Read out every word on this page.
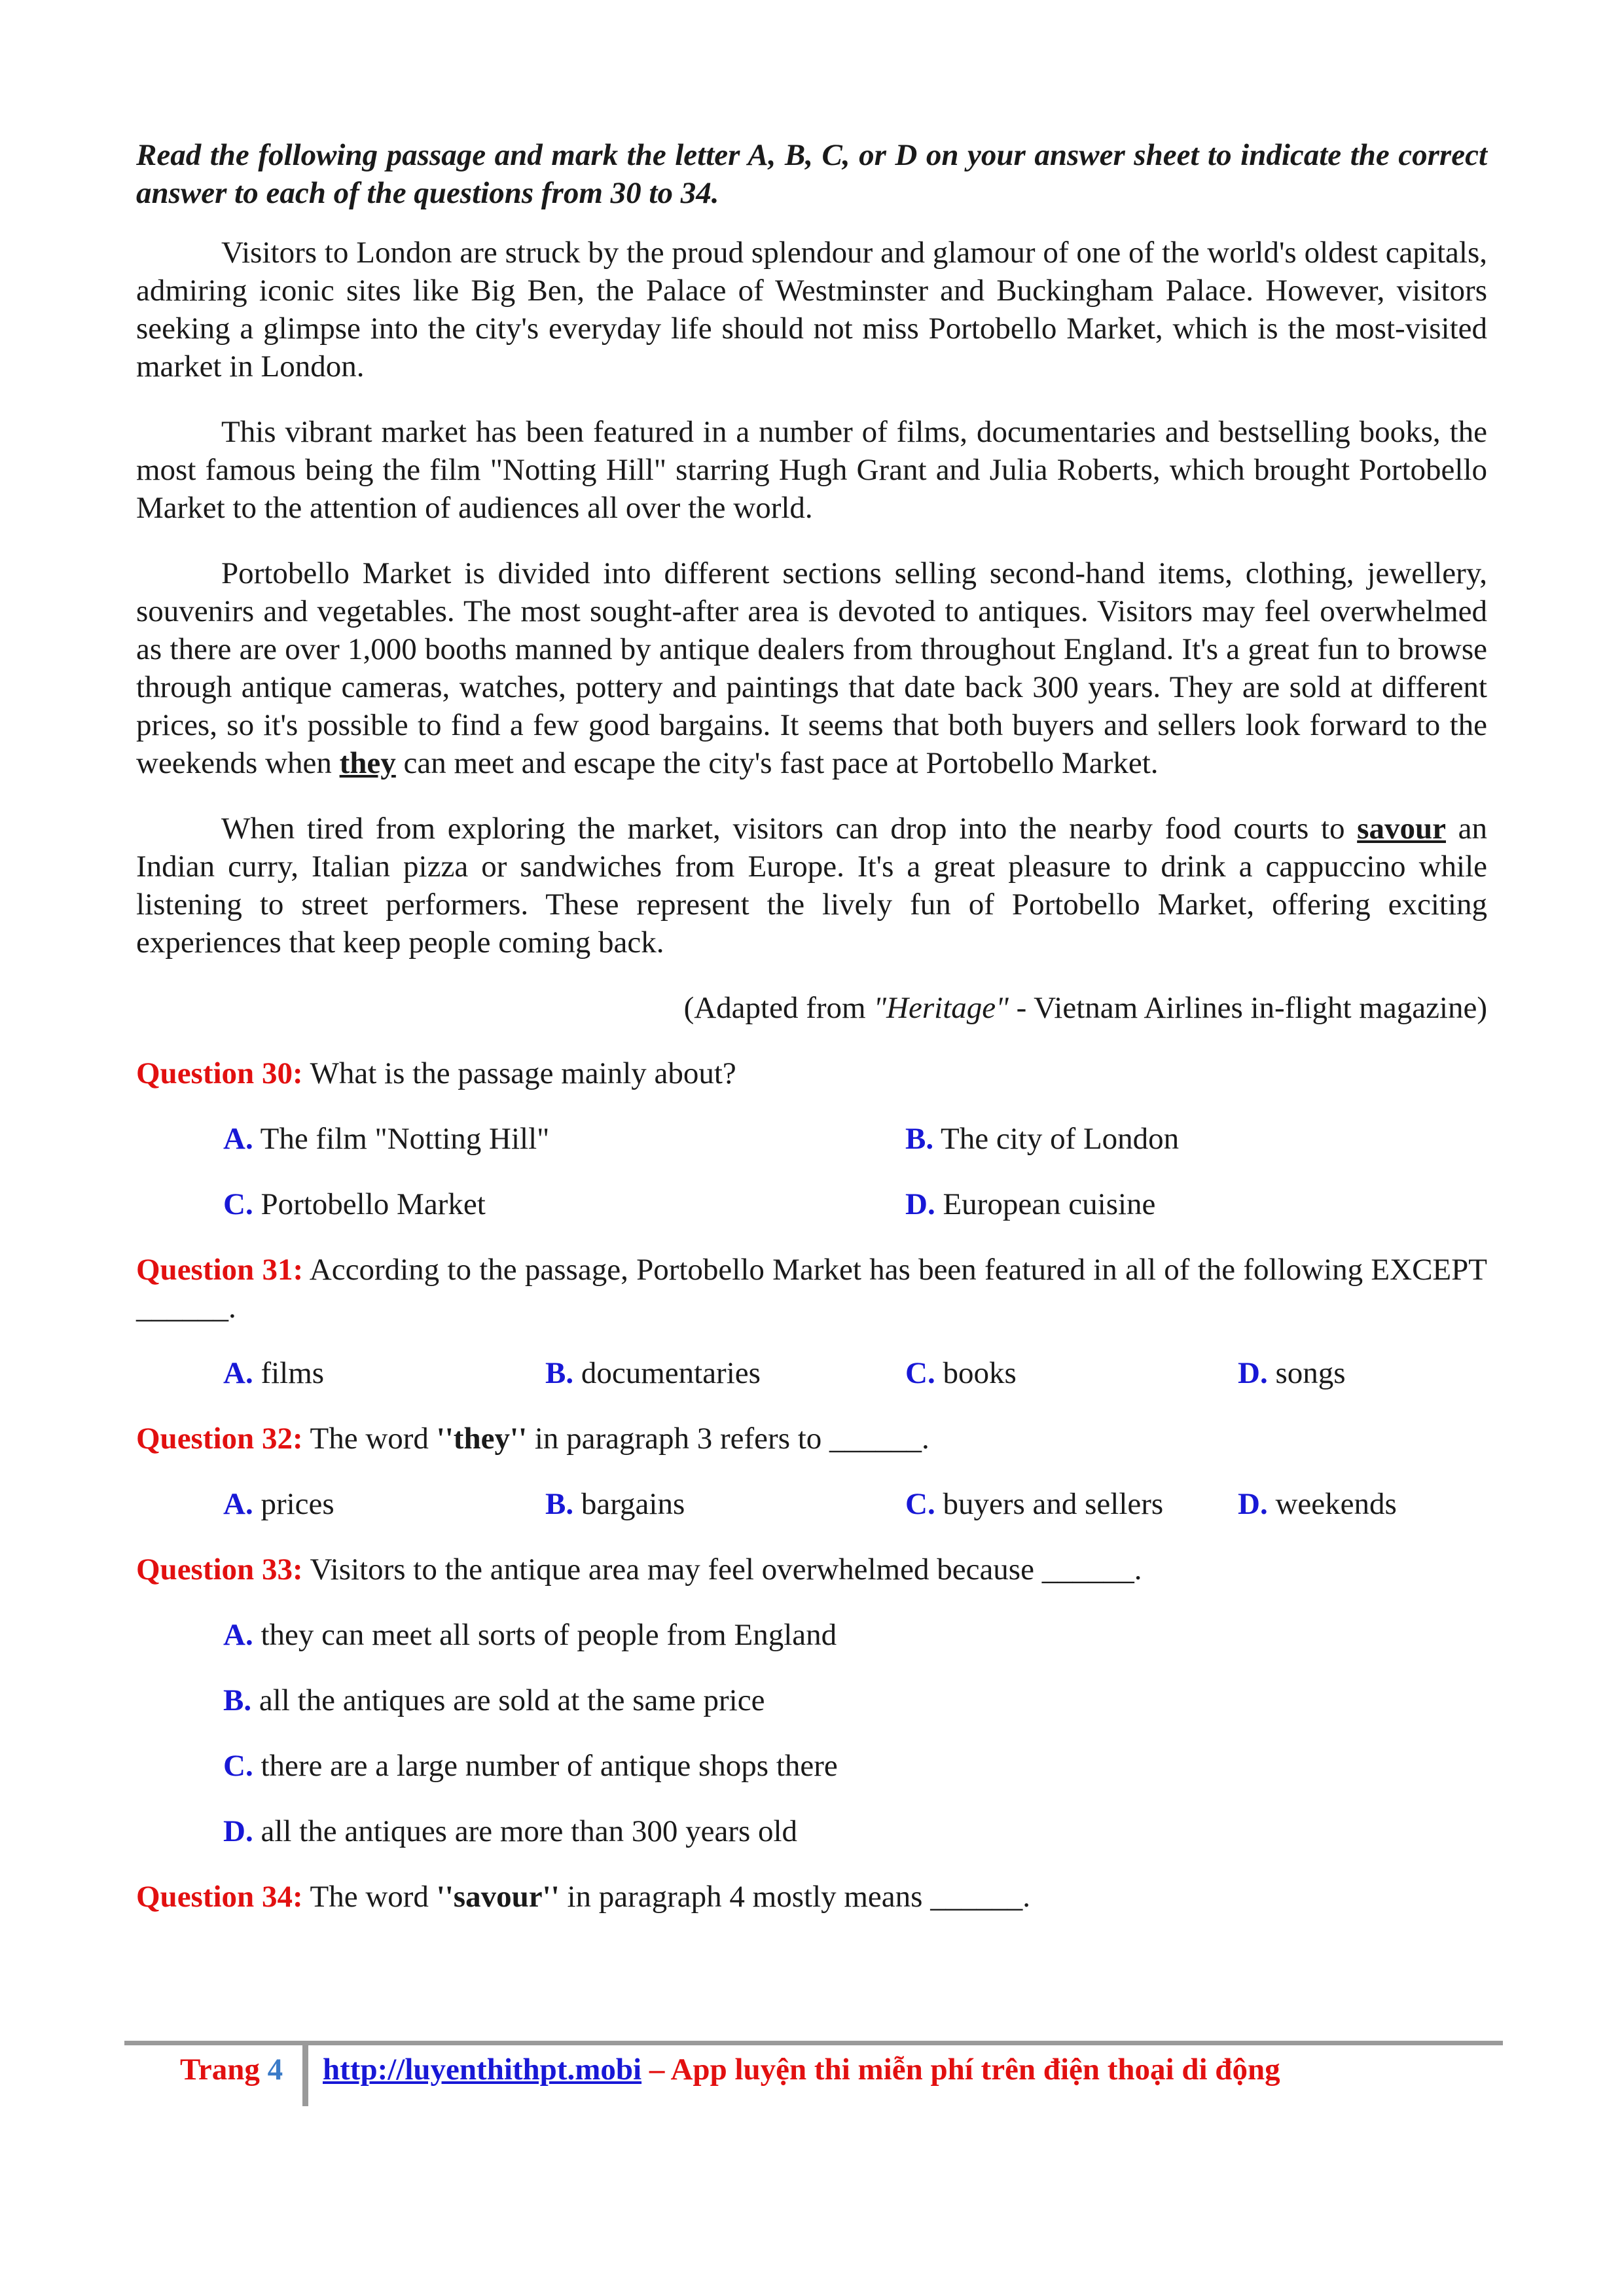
Read the following passage and mark the letter A, B, C, or D on your answer sheet to indicate the correct answer to each of the questions from 30 to 34.

Visitors to London are struck by the proud splendour and glamour of one of the world's oldest capitals, admiring iconic sites like Big Ben, the Palace of Westminster and Buckingham Palace. However, visitors seeking a glimpse into the city's everyday life should not miss Portobello Market, which is the most-visited market in London.

This vibrant market has been featured in a number of films, documentaries and bestselling books, the most famous being the film "Notting Hill" starring Hugh Grant and Julia Roberts, which brought Portobello Market to the attention of audiences all over the world.

Portobello Market is divided into different sections selling second-hand items, clothing, jewellery, souvenirs and vegetables. The most sought-after area is devoted to antiques. Visitors may feel overwhelmed as there are over 1,000 booths manned by antique dealers from throughout England. It's a great fun to browse through antique cameras, watches, pottery and paintings that date back 300 years. They are sold at different prices, so it's possible to find a few good bargains. It seems that both buyers and sellers look forward to the weekends when they can meet and escape the city's fast pace at Portobello Market.

When tired from exploring the market, visitors can drop into the nearby food courts to savour an Indian curry, Italian pizza or sandwiches from Europe. It's a great pleasure to drink a cappuccino while listening to street performers. These represent the lively fun of Portobello Market, offering exciting experiences that keep people coming back.

(Adapted from "Heritage" - Vietnam Airlines in-flight magazine)

Question 30: What is the passage mainly about?

A. The film "Notting Hill"	B. The city of London
C. Portobello Market	D. European cuisine

Question 31: According to the passage, Portobello Market has been featured in all of the following EXCEPT ______.

A. films	B. documentaries	C. books	D. songs

Question 32: The word ''they'' in paragraph 3 refers to ______.

A. prices	B. bargains	C. buyers and sellers D. weekends

Question 33: Visitors to the antique area may feel overwhelmed because ______.

A. they can meet all sorts of people from England

B. all the antiques are sold at the same price

C. there are a large number of antique shops there

D. all the antiques are more than 300 years old

Question 34: The word ''savour'' in paragraph 4 mostly means ______.

Trang 4 http://luyenthithpt.mobi – App luyện thi miễn phí trên điện thoại di động
